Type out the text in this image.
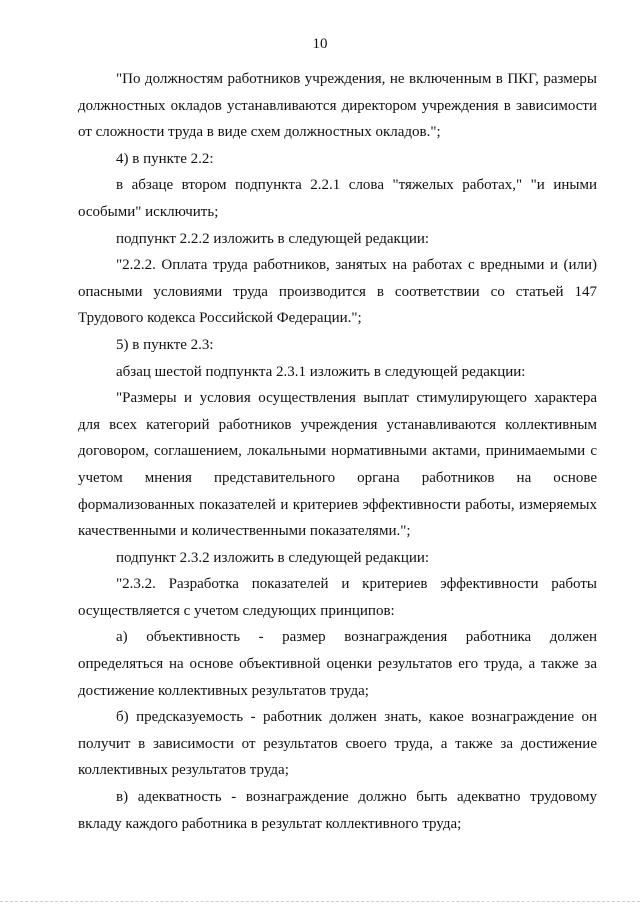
10

"По должностям работников учреждения, не включенным в ПКГ, размеры должностных окладов устанавливаются директором учреждения в зависимости от сложности труда в виде схем должностных окладов.";

4) в пункте 2.2:

в абзаце втором подпункта 2.2.1 слова "тяжелых работах," "и иными особыми" исключить;

подпункт 2.2.2 изложить в следующей редакции:

"2.2.2. Оплата труда работников, занятых на работах с вредными и (или) опасными условиями труда производится в соответствии со статьей 147 Трудового кодекса Российской Федерации.";

5) в пункте 2.3:

абзац шестой подпункта 2.3.1 изложить в следующей редакции:

"Размеры и условия осуществления выплат стимулирующего характера для всех категорий работников учреждения устанавливаются коллективным договором, соглашением, локальными нормативными актами, принимаемыми с учетом мнения представительного органа работников на основе формализованных показателей и критериев эффективности работы, измеряемых качественными и количественными показателями.";

подпункт 2.3.2 изложить в следующей редакции:

"2.3.2. Разработка показателей и критериев эффективности работы осуществляется с учетом следующих принципов:

а) объективность - размер вознаграждения работника должен определяться на основе объективной оценки результатов его труда, а также за достижение коллективных результатов труда;

б) предсказуемость - работник должен знать, какое вознаграждение он получит в зависимости от результатов своего труда, а также за достижение коллективных результатов труда;

в) адекватность - вознаграждение должно быть адекватно трудовому вкладу каждого работника в результат коллективного труда;
